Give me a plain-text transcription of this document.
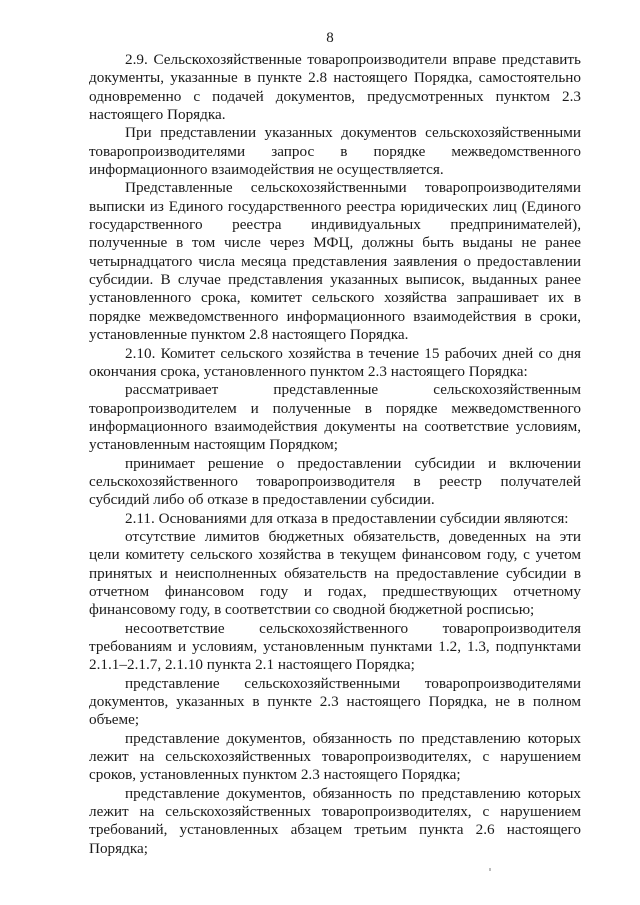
8

2.9. Сельскохозяйственные товаропроизводители вправе представить документы, указанные в пункте 2.8 настоящего Порядка, самостоятельно одновременно с подачей документов, предусмотренных пунктом 2.3 настоящего Порядка.

При представлении указанных документов сельскохозяйственными товаропроизводителями запрос в порядке межведомственного информационного взаимодействия не осуществляется.

Представленные сельскохозяйственными товаропроизводителями выписки из Единого государственного реестра юридических лиц (Единого государственного реестра индивидуальных предпринимателей), полученные в том числе через МФЦ, должны быть выданы не ранее четырнадцатого числа месяца представления заявления о предоставлении субсидии. В случае представления указанных выписок, выданных ранее установленного срока, комитет сельского хозяйства запрашивает их в порядке межведомственного информационного взаимодействия в сроки, установленные пунктом 2.8 настоящего Порядка.

2.10. Комитет сельского хозяйства в течение 15 рабочих дней со дня окончания срока, установленного пунктом 2.3 настоящего Порядка:

рассматривает представленные сельскохозяйственным товаропроизводителем и полученные в порядке межведомственного информационного взаимодействия документы на соответствие условиям, установленным настоящим Порядком;

принимает решение о предоставлении субсидии и включении сельскохозяйственного товаропроизводителя в реестр получателей субсидий либо об отказе в предоставлении субсидии.

2.11. Основаниями для отказа в предоставлении субсидии являются:

отсутствие лимитов бюджетных обязательств, доведенных на эти цели комитету сельского хозяйства в текущем финансовом году, с учетом принятых и неисполненных обязательств на предоставление субсидии в отчетном финансовом году и годах, предшествующих отчетному финансовому году, в соответствии со сводной бюджетной росписью;

несоответствие сельскохозяйственного товаропроизводителя требованиям и условиям, установленным пунктами 1.2, 1.3, подпунктами 2.1.1–2.1.7, 2.1.10 пункта 2.1 настоящего Порядка;

представление сельскохозяйственными товаропроизводителями документов, указанных в пункте 2.3 настоящего Порядка, не в полном объеме;

представление документов, обязанность по представлению которых лежит на сельскохозяйственных товаропроизводителях, с нарушением сроков, установленных пунктом 2.3 настоящего Порядка;

представление документов, обязанность по представлению которых лежит на сельскохозяйственных товаропроизводителях, с нарушением требований, установленных абзацем третьим пункта 2.6 настоящего Порядка;
